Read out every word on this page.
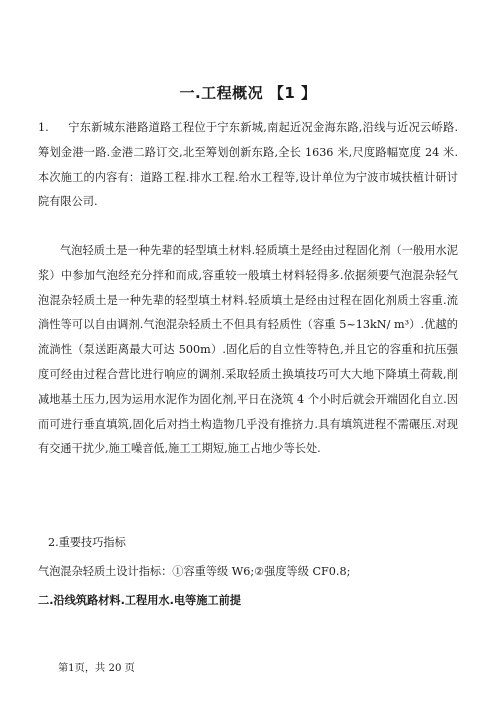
一.工程概况 【1 】

1. 宁东新城东港路道路工程位于宁东新城,南起近况金海东路,沿线与近况云峤路.筹划金港一路.金港二路订交,北至筹划创新东路,全长 1636 米,尺度路幅宽度 24 米.本次施工的内容有：道路工程.排水工程.给水工程等,设计单位为宁波市城扶植计研讨院有限公司.

气泡轻质土是一种先辈的轻型填土材料.轻质填土是经由过程固化剂（一般用水泥浆）中参加气泡经充分拌和而成,容重较一般填土材料轻得多.依据须要气泡混杂轻气泡混杂轻质土是一种先辈的轻型填土材料.轻质填土是经由过程在固化剂质土容重.流淌性等可以自由调剂.气泡混杂轻质土不但具有轻质性（容重 5~13kN/ m³）.优越的流淌性（泵送距离最大可达 500m）.固化后的自立性等特色,并且它的容重和抗压强度可经由过程合营比进行响应的调剂.采取轻质土换填技巧可大大地下降填土荷载,削减地基土压力,因为运用水泥作为固化剂,平日在浇筑 4 个小时后就会开端固化自立.因而可进行垂直填筑,固化后对挡土构造物几乎没有推挤力.具有填筑进程不需碾压.对现有交通干扰少,施工噪音低,施工工期短,施工占地少等长处.

2.重要技巧指标

气泡混杂轻质土设计指标：①容重等级 W6;②强度等级 CF0.8;

二.沿线筑路材料.工程用水.电等施工前提

第1页，共 20 页
